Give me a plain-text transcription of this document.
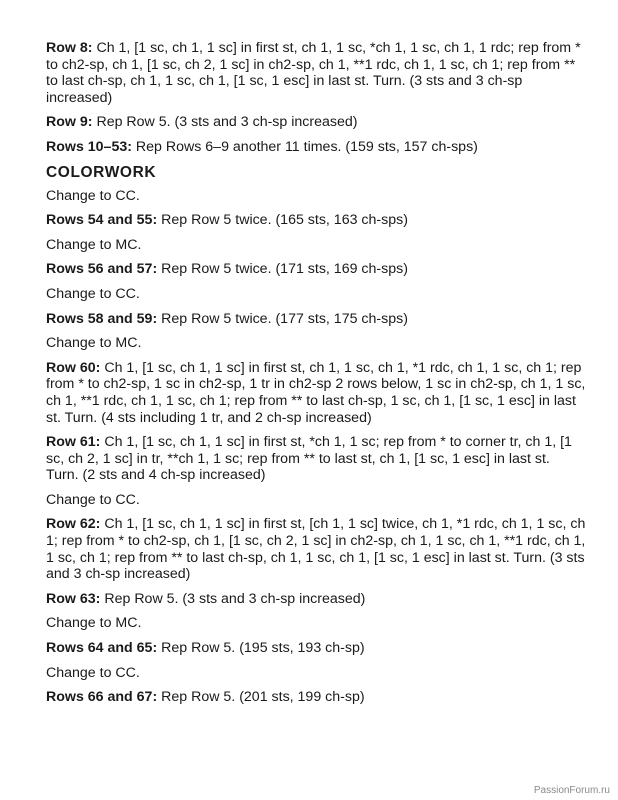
Row 8: Ch 1, [1 sc, ch 1, 1 sc] in first st, ch 1, 1 sc, *ch 1, 1 sc, ch 1, 1 rdc; rep from * to ch2-sp, ch 1, [1 sc, ch 2, 1 sc] in ch2-sp, ch 1, **1 rdc, ch 1, 1 sc, ch 1; rep from ** to last ch-sp, ch 1, 1 sc, ch 1, [1 sc, 1 esc] in last st. Turn. (3 sts and 3 ch-sp increased)

Row 9: Rep Row 5. (3 sts and 3 ch-sp increased)

Rows 10–53: Rep Rows 6–9 another 11 times. (159 sts, 157 ch-sps)

COLORWORK

Change to CC.

Rows 54 and 55: Rep Row 5 twice. (165 sts, 163 ch-sps)

Change to MC.

Rows 56 and 57: Rep Row 5 twice. (171 sts, 169 ch-sps)

Change to CC.

Rows 58 and 59: Rep Row 5 twice. (177 sts, 175 ch-sps)

Change to MC.

Row 60: Ch 1, [1 sc, ch 1, 1 sc] in first st, ch 1, 1 sc, ch 1, *1 rdc, ch 1, 1 sc, ch 1; rep from * to ch2-sp, 1 sc in ch2-sp, 1 tr in ch2-sp 2 rows below, 1 sc in ch2-sp, ch 1, 1 sc, ch 1, **1 rdc, ch 1, 1 sc, ch 1; rep from ** to last ch-sp, 1 sc, ch 1, [1 sc, 1 esc] in last st. Turn. (4 sts including 1 tr, and 2 ch-sp increased)

Row 61: Ch 1, [1 sc, ch 1, 1 sc] in first st, *ch 1, 1 sc; rep from * to corner tr, ch 1, [1 sc, ch 2, 1 sc] in tr, **ch 1, 1 sc; rep from ** to last st, ch 1, [1 sc, 1 esc] in last st. Turn. (2 sts and 4 ch-sp increased)

Change to CC.

Row 62: Ch 1, [1 sc, ch 1, 1 sc] in first st, [ch 1, 1 sc] twice, ch 1, *1 rdc, ch 1, 1 sc, ch 1; rep from * to ch2-sp, ch 1, [1 sc, ch 2, 1 sc] in ch2-sp, ch 1, 1 sc, ch 1, **1 rdc, ch 1, 1 sc, ch 1; rep from ** to last ch-sp, ch 1, 1 sc, ch 1, [1 sc, 1 esc] in last st. Turn. (3 sts and 3 ch-sp increased)

Row 63: Rep Row 5. (3 sts and 3 ch-sp increased)

Change to MC.

Rows 64 and 65: Rep Row 5. (195 sts, 193 ch-sp)

Change to CC.

Rows 66 and 67: Rep Row 5. (201 sts, 199 ch-sp)

PassionForum.ru
